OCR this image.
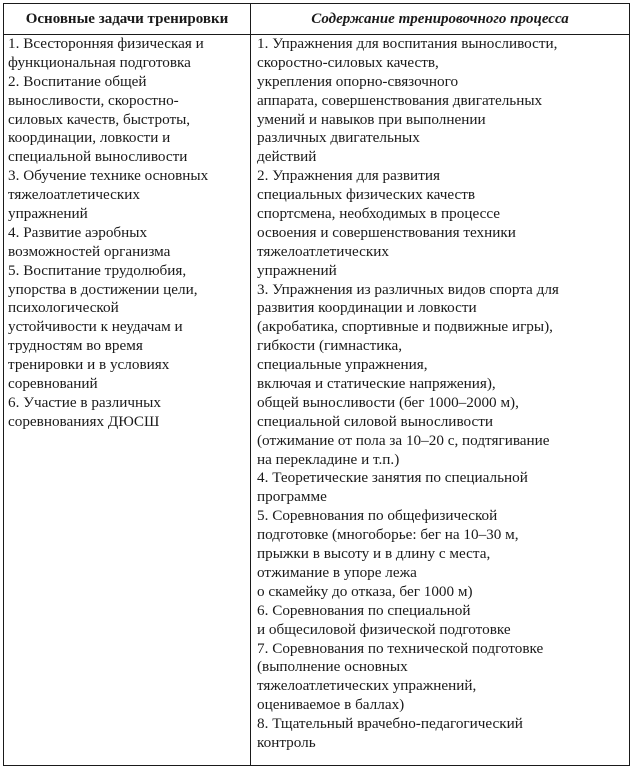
Основные задачи тренировки	Содержание тренировочного процесса
1. Всесторонняя физическая и
функциональная подготовка
2. Воспитание общей
выносливости, скоростно-
силовых качеств, быстроты,
координации, ловкости и
специальной выносливости
3. Обучение технике основных
тяжелоатлетических
упражнений
4. Развитие аэробных
возможностей организма
5. Воспитание трудолюбия,
упорства в достижении цели,
психологической
устойчивости к неудачам и
трудностям во время
тренировки и в условиях
соревнований
6. Участие в различных
соревнованиях ДЮСШ
1. Упражнения для воспитания выносливости,
скоростно-силовых качеств,
укрепления опорно-связочного
аппарата, совершенствования двигательных
умений и навыков при выполнении
различных двигательных
действий
2. Упражнения для развития
специальных физических качеств
спортсмена, необходимых в процессе
освоения и совершенствования техники
тяжелоатлетических
упражнений
3. Упражнения из различных видов спорта для
развития координации и ловкости
(акробатика, спортивные и подвижные игры),
гибкости (гимнастика,
специальные упражнения,
включая и статические напряжения),
общей выносливости (бег 1000–2000 м),
специальной силовой выносливости
(отжимание от пола за 10–20 с, подтягивание
на перекладине и т.п.)
4. Теоретические занятия по специальной
программе
5. Соревнования по общефизической
подготовке (многоборье: бег на 10–30 м,
прыжки в высоту и в длину с места,
отжимание в упоре лежа
о скамейку до отказа, бег 1000 м)
6. Соревнования по специальной
и общесиловой физической подготовке
7. Соревнования по технической подготовке
(выполнение основных
тяжелоатлетических упражнений,
оцениваемое в баллах)
8. Тщательный врачебно-педагогический
контроль
